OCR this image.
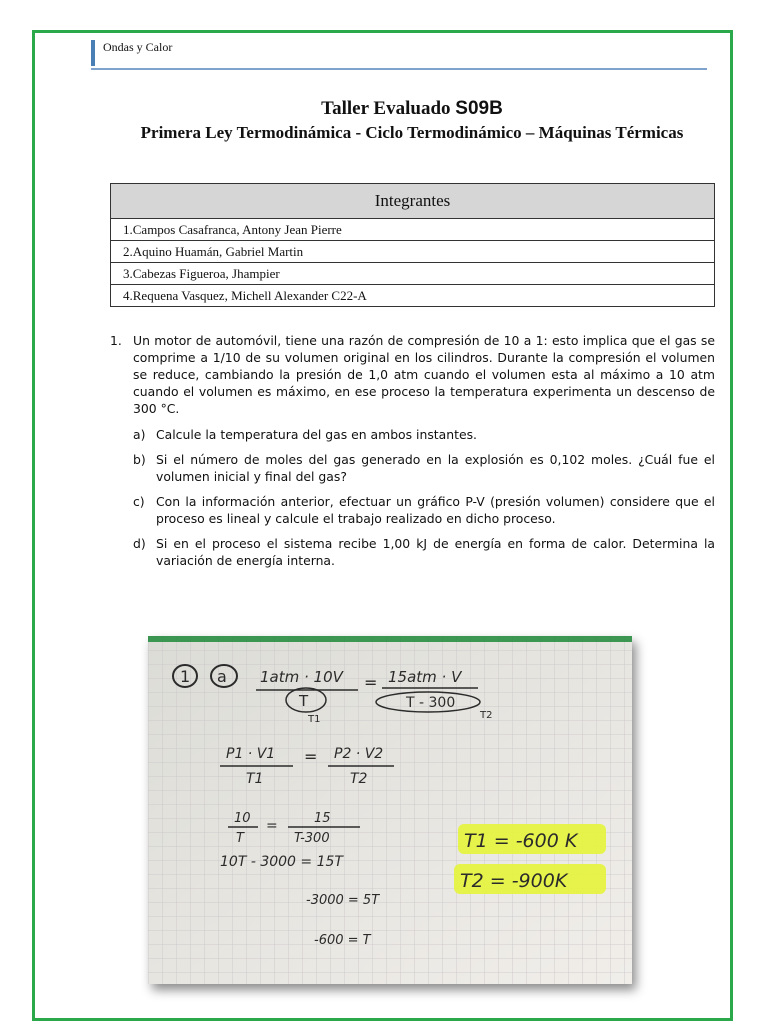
Ondas y Calor
Taller Evaluado S09B
Primera Ley Termodinámica - Ciclo Termodinámico – Máquinas Térmicas
Integrantes
1.Campos Casafranca, Antony Jean Pierre
2.Aquino Huamán, Gabriel Martin
3.Cabezas Figueroa, Jhampier
4.Requena Vasquez, Michell Alexander C22-A
1. Un motor de automóvil, tiene una razón de compresión de 10 a 1: esto implica que el gas se comprime a 1/10 de su volumen original en los cilindros. Durante la compresión el volumen se reduce, cambiando la presión de 1,0 atm cuando el volumen esta al máximo a 10 atm cuando el volumen es máximo, en ese proceso la temperatura experimenta un descenso de 300 °C.
a) Calcule la temperatura del gas en ambos instantes.
b) Si el número de moles del gas generado en la explosión es 0,102 moles. ¿Cuál fue el volumen inicial y final del gas?
c) Con la información anterior, efectuar un gráfico P-V (presión volumen) considere que el proceso es lineal y calcule el trabajo realizado en dicho proceso.
d) Si en el proceso el sistema recibe 1,00 kJ de energía en forma de calor. Determina la variación de energía interna.
1 a 1atm · 10V
T
T1
= 15atm · V
T - 300
T2
P1 · V1
T1
= P2 · V2
T2
10
T
=	15
T-300
10T - 3000 = 15T
-3000 = 5T
-600 = T
T1 = -600 K
T2 = -900K
